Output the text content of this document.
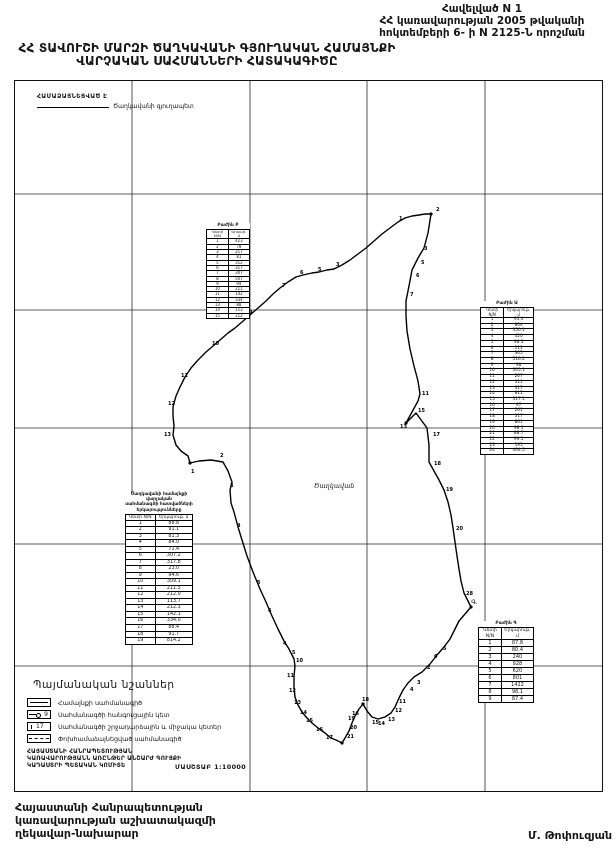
Հավելված N 1
ՀՀ կառավարության 2005 թվականի
հոկտեմբերի 6- ի N 2125-Ն որոշման
ՀՀ ՏԱՎՈՒՇԻ ՄԱՐԶԻ ԾԱՂԿԱՎԱՆԻ ԳՅՈՒՂԱԿԱՆ ՀԱՄԱՅՆՔԻ
ՎԱՐՉԱԿԱՆ ՍԱՀՄԱՆՆԵՐԻ ՀԱՏԱԿԱԳԻԾԸ
ՀԱՄԱՁԱՅՆԵՑՎԱԾ Է
Ծաղկավանի գյուղապետ
Ծաղկավան
Գ.
Բաժին Բ
Կետի N/N	Երկար. մ
1	423
2	78
3	217
4	81
5	312
6	317
7	307
8	507
9	94
10	211
11	142
12	334
13	88
14	113
15	212
Բաժին Ա
Կետի N/N	Երկարութ. մ
1	95.4
2	804
3	350.1
4	420
5	98.3
6	111
7	305
8	516.2
9	98
10	305.1
11	207
12	311
13	317
14	811
15	317.1
16	97
17	261
18	317
19	861
20	98.1
21	88.7
22	99.1
23	195
24	404.5
Ծաղկավանի համայնքի վարչական
սահմանագծի հատվածների
երկարությունները
Կետի N/N	Երկարութ. մ
1	88.8
2	91.1
3	81.3
4	84.0
5	71.4
6	307.2
7	317.8
8	23.0
9	94.6
10	309.1
11	211.5
12	212.0
13	113.7
14	212.3
15	142.1
16	334.0
17	88.4
18	91.7
19	814.2
Բաժին Գ
Կետի N/N	Երկարութ. մ
1	87.8
2	80.4
3	240
4	928
5	620
6	801
7	1422
8	98.1
9	87.4
Պայմանական նշաններ
Համայնքի սահմանագիծ
9 Սահմանագծի հանգուցային կետ
17 Սահմանագծի շրջադարձային և միջակա կետեր
Փոխհամաձայնեցված սահմանագիծ
ՀԱՅԱՍՏԱՆԻ ՀԱՆՐԱՊԵՏՈՒԹՅԱՆ
ԿԱՌԱՎԱՐՈՒԹՅԱՆՆ ԱՌԸՆԹԵՐ ԱՆՇԱՐԺ ԳՈՒՅՔԻ
ԿԱԴԱՍՏՐԻ ՊԵՏԱԿԱՆ ԿՈՄԻՏԵ	ՄԱՍՇՏԱԲ 1:10000
1
2
3
5
6
7
11
13
15
17
18
19
20
28
3
5
6
7
9
10
11
12
13
1
2
3
4
5
6
4
5
10
11
12
13
14
15
16
17	21
20
19
18
16
15 14
13
12
11
4
3
2
6
5
Հայաստանի Հանրապետության
կառավարության աշխատակազմի
ղեկավար-նախարար	Մ. Թոփուզյան
